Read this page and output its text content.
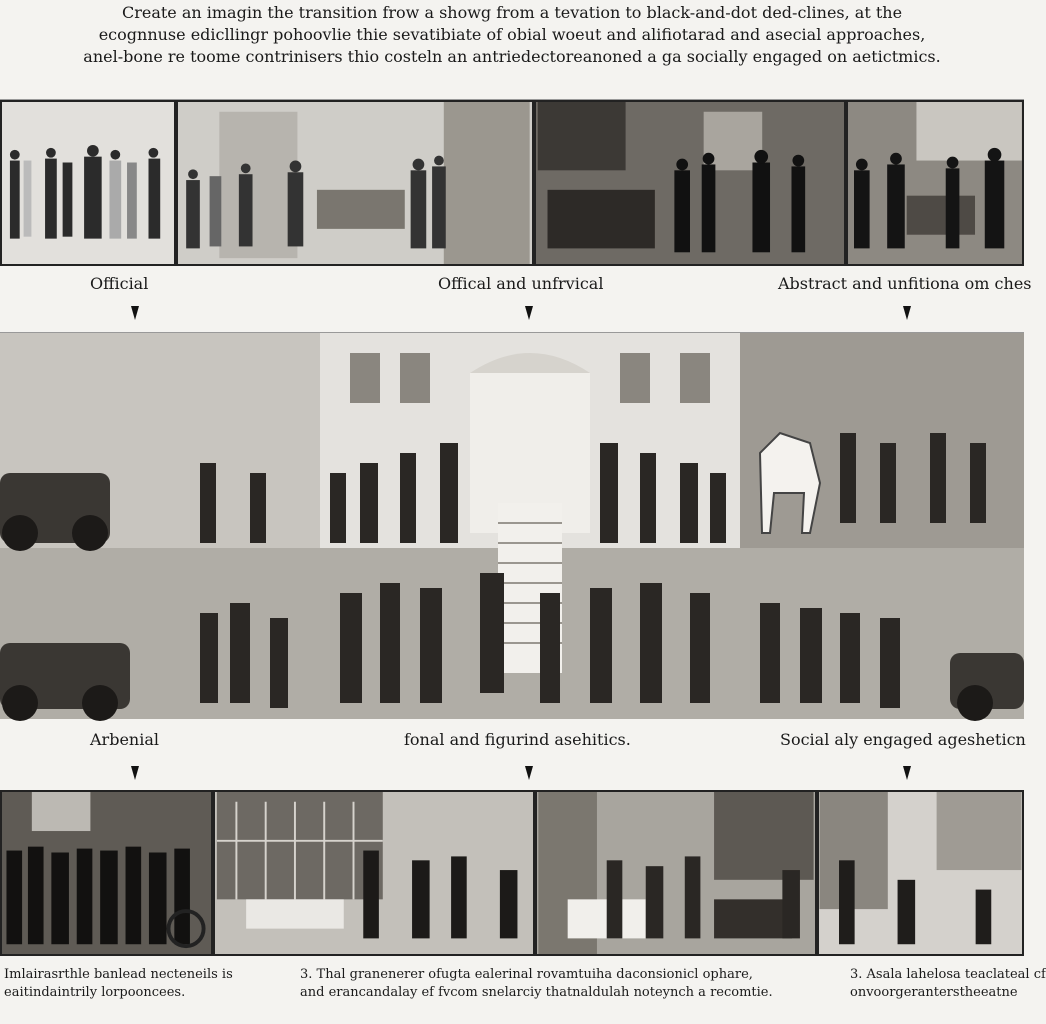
Create an imagin the transition frow a showg from a tevation to black-and-dot ded-clines, at the
ecognnuse edicllingr pohoovlie thie sevatibiate of obial woeut and alifiotarad and asecial approaches,
anel-bone re toome contrinisers thio costeln an antriedectoreanoned a ga socially engaged on aetictmics.
Official	Offical and unfrvical	Abstract and unfitiona om ches
Arbenial	fonal and figurind asehitics.	Social aly engaged agesheticn
Imlairasrthle banlead necteneils is
eaitindaintrily lorpooncees.
3. Thal granenerer ofugta ealerinal rovamtuiha daconsionicl ophare,
and erancandalay ef fvcom snelarciy thatnaldulah noteynch a recomtie.
3. Asala lahelosa teaclateal cf
onvoorgeranterstheeatne
